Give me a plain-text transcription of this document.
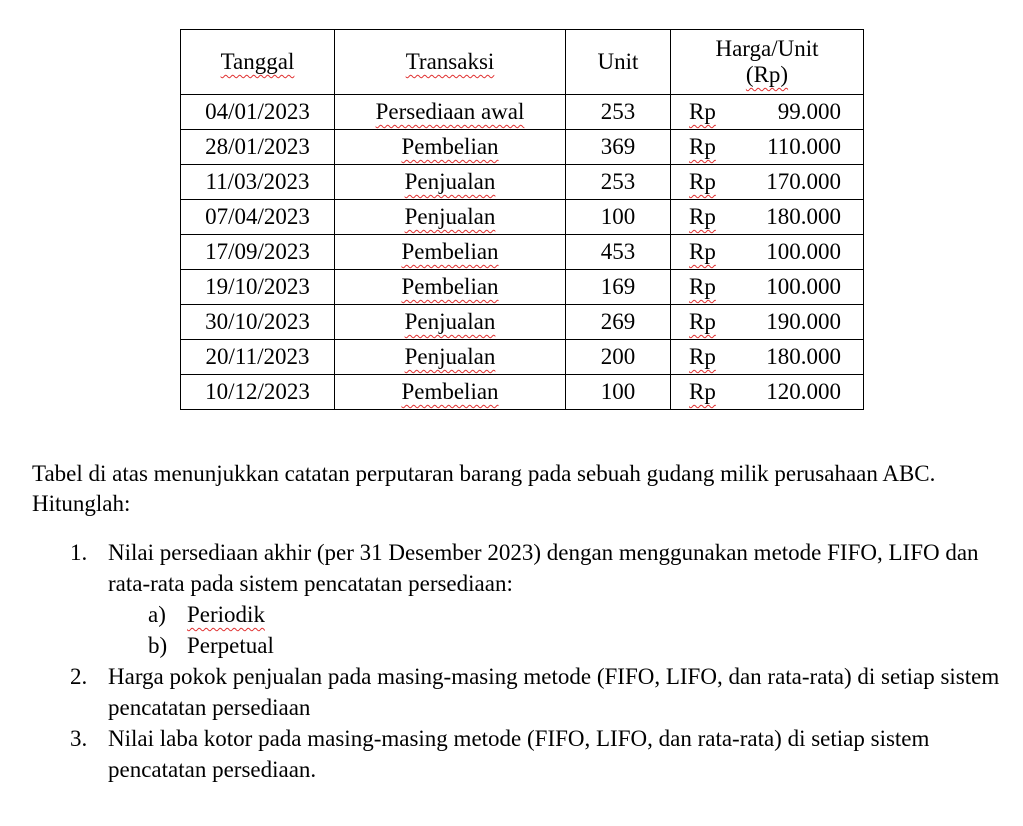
Tanggal	Transaksi	Unit	Harga/Unit
(Rp)
04/01/2023	Persediaan awal	253	Rp 99.000

28/01/2023	Pembelian	369	Rp 110.000

11/03/2023	Penjualan	253	Rp 170.000

07/04/2023	Penjualan	100	Rp 180.000

17/09/2023	Pembelian	453	Rp 100.000

19/10/2023	Pembelian	169	Rp 100.000

30/10/2023	Penjualan	269	Rp 190.000

20/11/2023	Penjualan	200	Rp 180.000

10/12/2023	Pembelian	100	Rp 120.000

Tabel di atas menunjukkan catatan perputaran barang pada sebuah gudang milik perusahaan ABC. Hitunglah:

1. Nilai persediaan akhir (per 31 Desember 2023) dengan menggunakan metode FIFO, LIFO dan rata-rata pada sistem pencatatan persediaan:
a) Periodik
b) Perpetual
2. Harga pokok penjualan pada masing-masing metode (FIFO, LIFO, dan rata-rata) di setiap sistem pencatatan persediaan
3. Nilai laba kotor pada masing-masing metode (FIFO, LIFO, dan rata-rata) di setiap sistem pencatatan persediaan.
